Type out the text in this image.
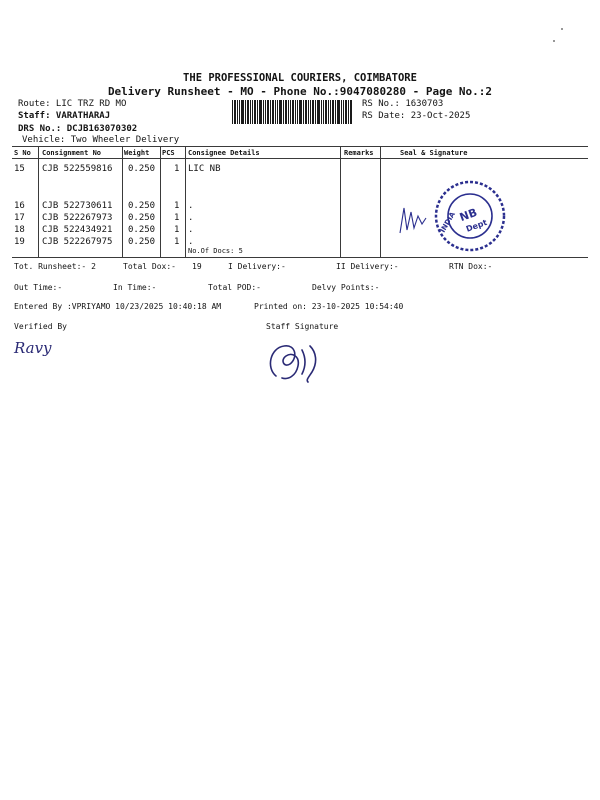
THE PROFESSIONAL COURIERS, COIMBATORE
Delivery Runsheet - MO - Phone No.:9047080280 - Page No.:2
Route: LIC TRZ RD MO
Staff: VARATHARAJ
DRS No.: DCJB163070302
Vehicle: Two Wheeler Delivery
RS No.: 1630703
RS Date: 23-Oct-2025
S No Consignment No	Weight PCS Consignee Details	Remarks	Seal & Signature
15 CJB 522559816 0.250 1 LIC NB
16 CJB 522730611 0.250 1 .
17 CJB 522267973 0.250 1 .
18 CJB 522434921 0.250 1 .
19 CJB 522267975 0.250 1 .
No.Of Docs: 5
INDIA NB
Dept
Tot. Runsheet:- 2	Total Dox:- 19	I Delivery:-	II Delivery:-	RTN Dox:-
Out Time:-	In Time:-	Total POD:-	Delvy Points:-
Entered By :VPRIYAMO 10/23/2025 10:40:18 AM	Printed on: 23-10-2025 10:54:40
Verified By	Staff Signature
Ravy
